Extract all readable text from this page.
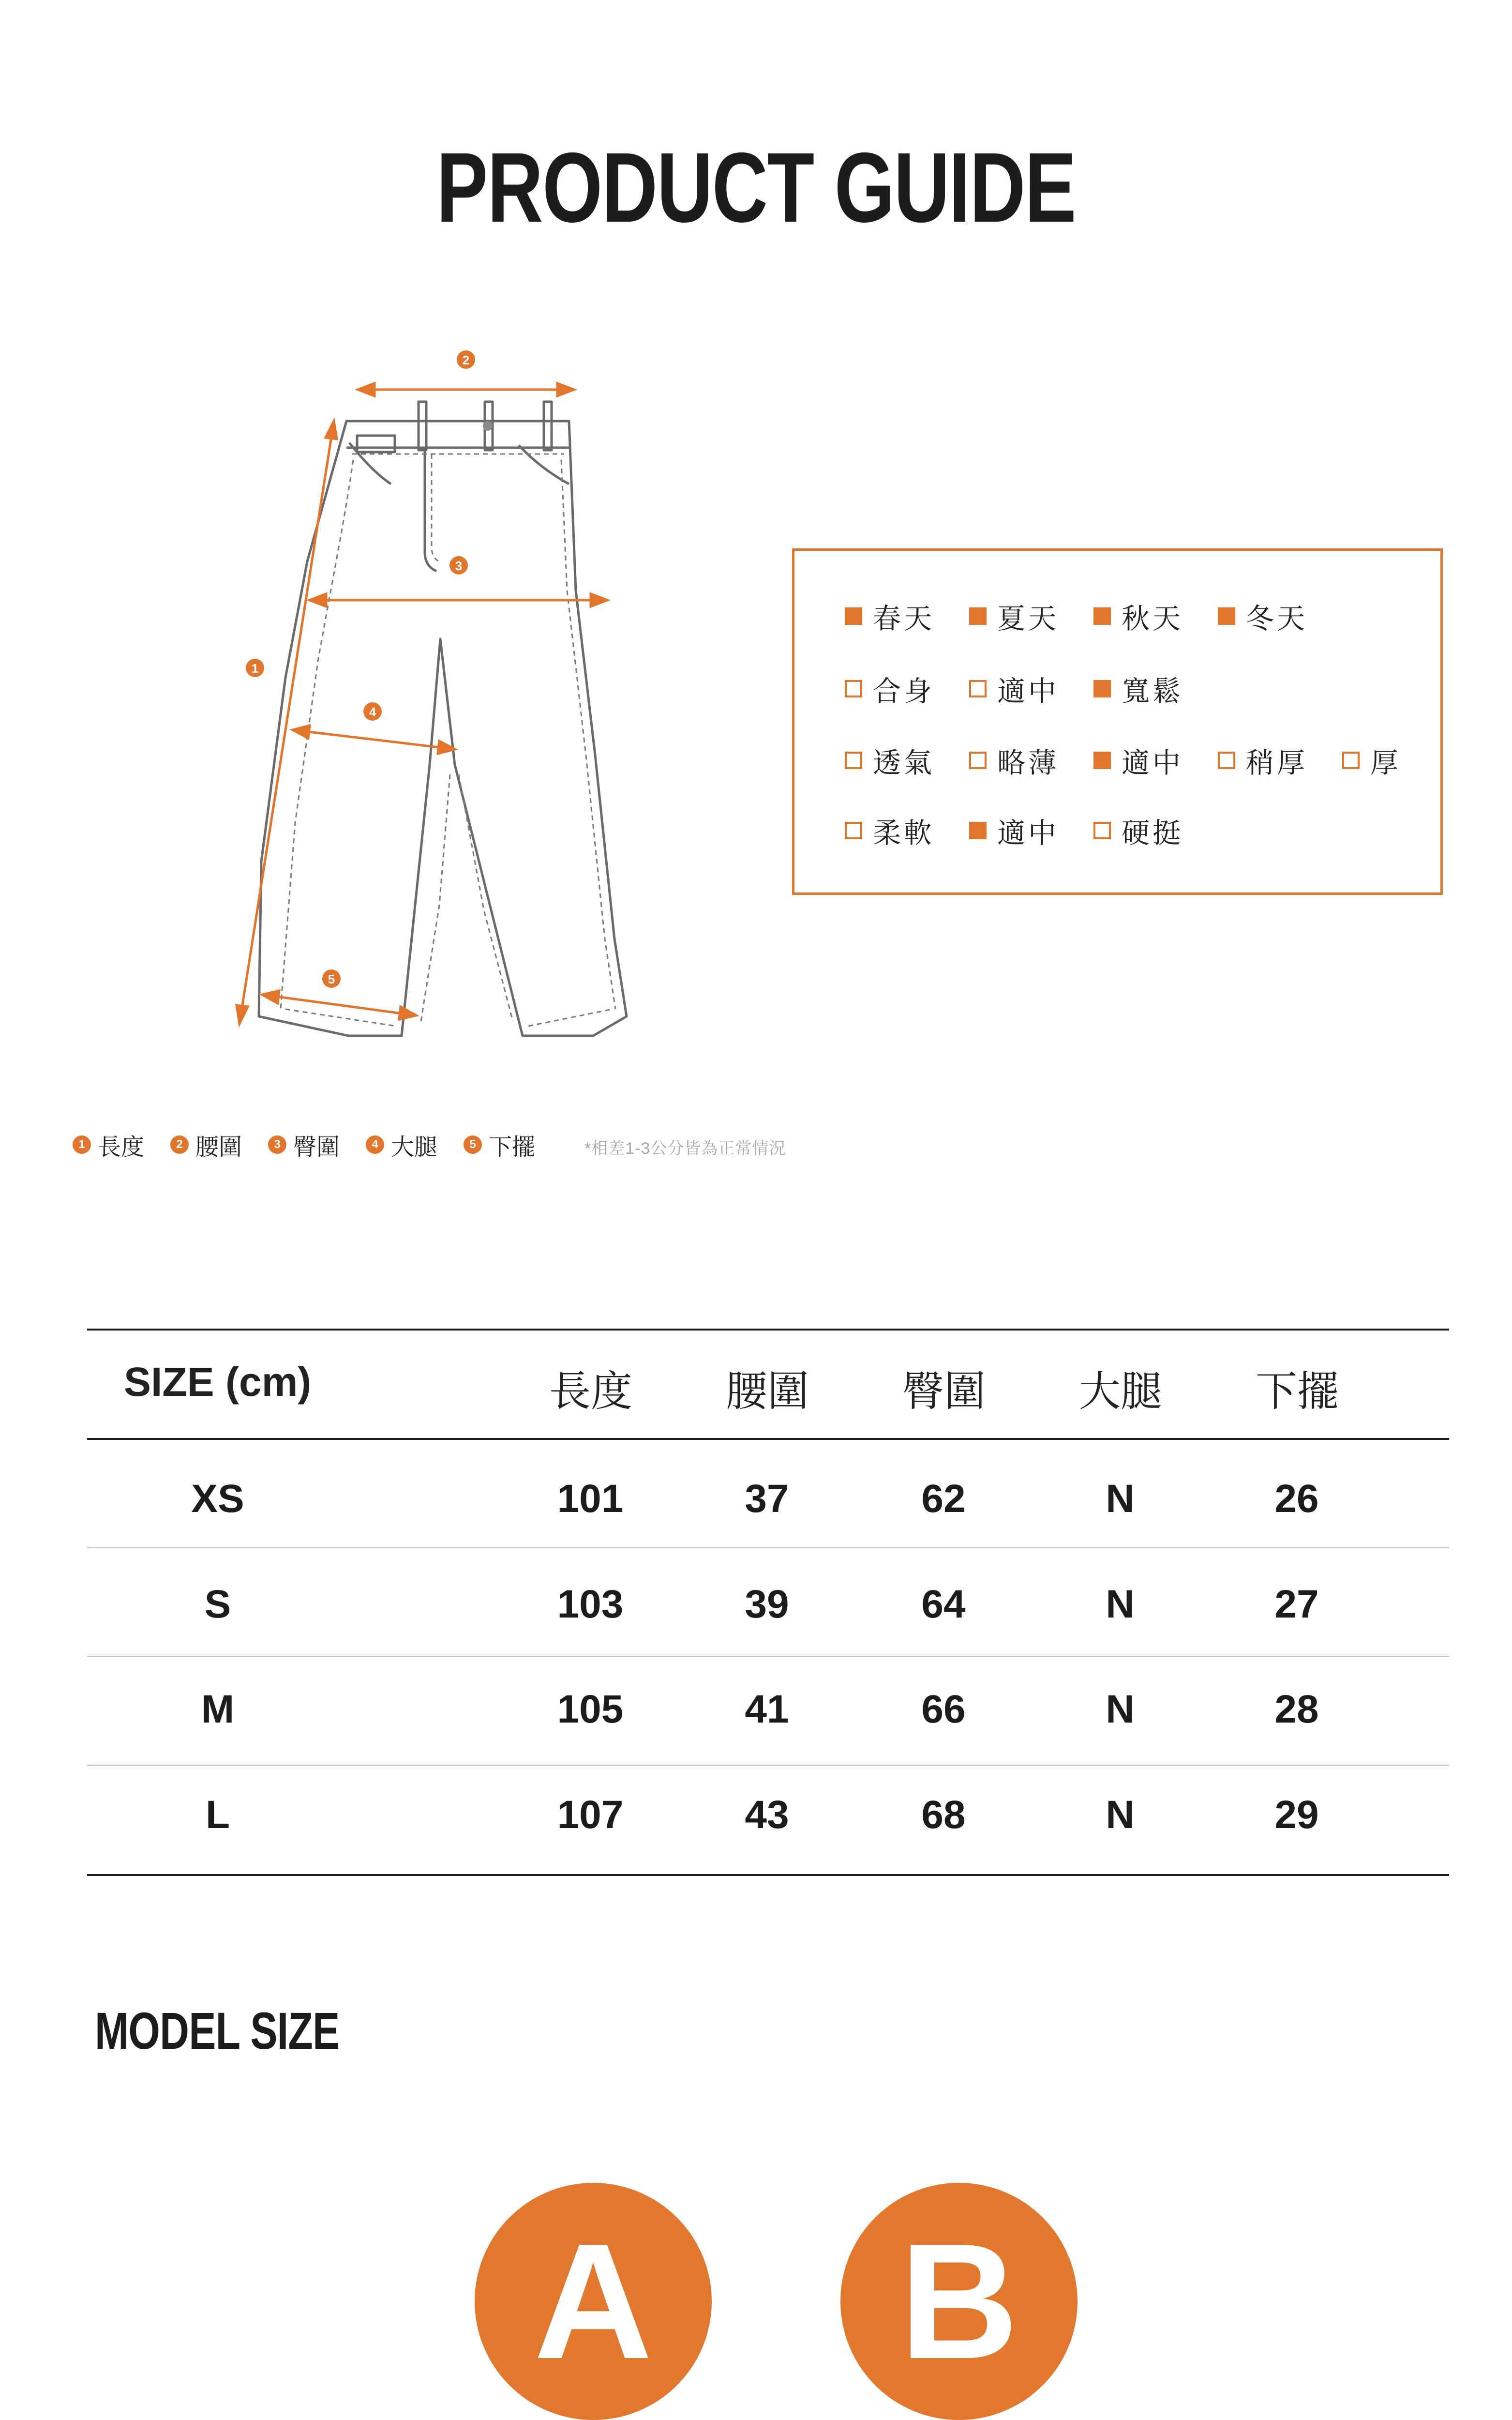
PRODUCT GUIDE
1
2
3
4
5
春天 夏天 秋天 冬天
合身 適中 寬鬆
透氣 略薄 適中 稍厚 厚
柔軟 適中 硬挺
1 長度	2 腰圍	3 臀圍	4 大腿	5 下擺	*相差1-3公分皆為正常情況
SIZE (cm)	長度 腰圍 臀圍 大腿 下擺
XS	101	37	62	N	26
S	103	39	64	N	27
M	105	41	66	N	28
L	107	43	68	N	29
MODEL SIZE
A	B
